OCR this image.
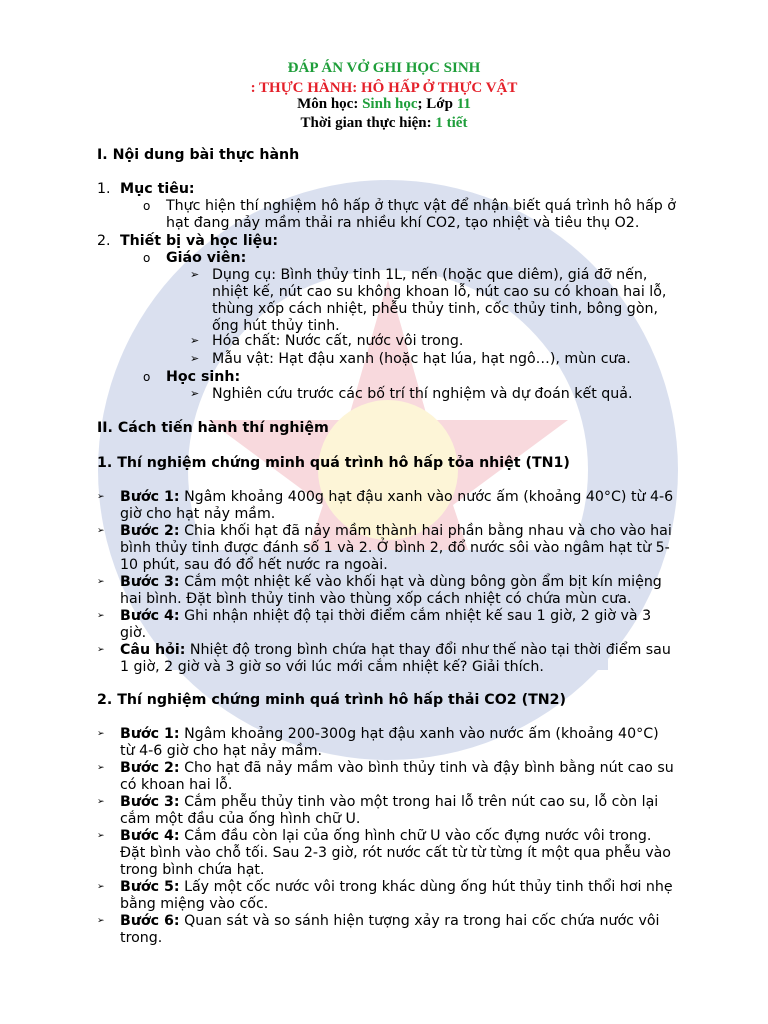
ĐÁP ÁN VỞ GHI HỌC SINH
: THỰC HÀNH: HÔ HẤP Ở THỰC VẬT
Môn học: Sinh học; Lớp 11
Thời gian thực hiện: 1 tiết
I. Nội dung bài thực hành
1. Mục tiêu:
o Thực hiện thí nghiệm hô hấp ở thực vật để nhận biết quá trình hô hấp ở
hạt đang nảy mầm thải ra nhiều khí CO2, tạo nhiệt và tiêu thụ O2.
2. Thiết bị và học liệu:
o Giáo viên:
➢ Dụng cụ: Bình thủy tinh 1L, nến (hoặc que diêm), giá đỡ nến,
nhiệt kế, nút cao su không khoan lỗ, nút cao su có khoan hai lỗ,
thùng xốp cách nhiệt, phễu thủy tinh, cốc thủy tinh, bông gòn,
ống hút thủy tinh.
➢ Hóa chất: Nước cất, nước vôi trong.
➢ Mẫu vật: Hạt đậu xanh (hoặc hạt lúa, hạt ngô…), mùn cưa.
o Học sinh:
➢ Nghiên cứu trước các bố trí thí nghiệm và dự đoán kết quả.
II. Cách tiến hành thí nghiệm
1. Thí nghiệm chứng minh quá trình hô hấp tỏa nhiệt (TN1)
➢ Bước 1: Ngâm khoảng 400g hạt đậu xanh vào nước ấm (khoảng 40°C) từ 4-6
giờ cho hạt nảy mầm.
➢ Bước 2: Chia khối hạt đã nảy mầm thành hai phần bằng nhau và cho vào hai
bình thủy tinh được đánh số 1 và 2. Ở bình 2, đổ nước sôi vào ngâm hạt từ 5-
10 phút, sau đó đổ hết nước ra ngoài.
➢ Bước 3: Cắm một nhiệt kế vào khối hạt và dùng bông gòn ẩm bịt kín miệng
hai bình. Đặt bình thủy tinh vào thùng xốp cách nhiệt có chứa mùn cưa.
➢ Bước 4: Ghi nhận nhiệt độ tại thời điểm cắm nhiệt kế sau 1 giờ, 2 giờ và 3
giờ.
➢ Câu hỏi: Nhiệt độ trong bình chứa hạt thay đổi như thế nào tại thời điểm sau
1 giờ, 2 giờ và 3 giờ so với lúc mới cắm nhiệt kế? Giải thích.
2. Thí nghiệm chứng minh quá trình hô hấp thải CO2 (TN2)
➢ Bước 1: Ngâm khoảng 200-300g hạt đậu xanh vào nước ấm (khoảng 40°C)
từ 4-6 giờ cho hạt nảy mầm.
➢ Bước 2: Cho hạt đã nảy mầm vào bình thủy tinh và đậy bình bằng nút cao su
có khoan hai lỗ.
➢ Bước 3: Cắm phễu thủy tinh vào một trong hai lỗ trên nút cao su, lỗ còn lại
cắm một đầu của ống hình chữ U.
➢ Bước 4: Cắm đầu còn lại của ống hình chữ U vào cốc đựng nước vôi trong.
Đặt bình vào chỗ tối. Sau 2-3 giờ, rót nước cất từ từ từng ít một qua phễu vào
trong bình chứa hạt.
➢ Bước 5: Lấy một cốc nước vôi trong khác dùng ống hút thủy tinh thổi hơi nhẹ
bằng miệng vào cốc.
➢ Bước 6: Quan sát và so sánh hiện tượng xảy ra trong hai cốc chứa nước vôi
trong.
